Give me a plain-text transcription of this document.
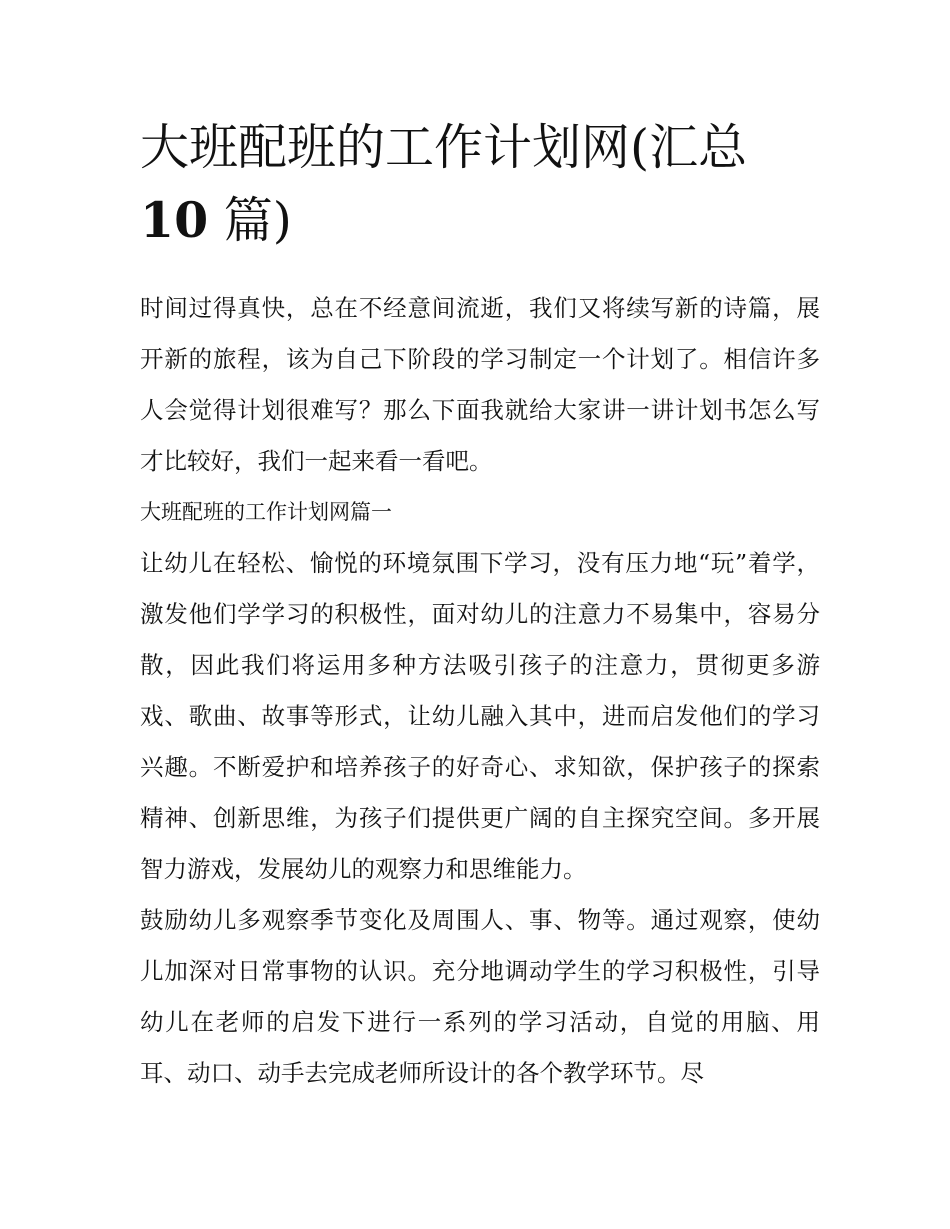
大班配班的工作计划网(汇总
10 篇)

时间过得真快，总在不经意间流逝，我们又将续写新的诗篇，展开新的旅程，该为自己下阶段的学习制定一个计划了。相信许多人会觉得计划很难写？那么下面我就给大家讲一讲计划书怎么写才比较好，我们一起来看一看吧。

大班配班的工作计划网篇一

让幼儿在轻松、愉悦的环境氛围下学习，没有压力地“玩”着学，激发他们学学习的积极性，面对幼儿的注意力不易集中，容易分散，因此我们将运用多种方法吸引孩子的注意力，贯彻更多游戏、歌曲、故事等形式，让幼儿融入其中，进而启发他们的学习兴趣。不断爱护和培养孩子的好奇心、求知欲，保护孩子的探索精神、创新思维，为孩子们提供更广阔的自主探究空间。多开展智力游戏，发展幼儿的观察力和思维能力。

鼓励幼儿多观察季节变化及周围人、事、物等。通过观察，使幼儿加深对日常事物的认识。充分地调动学生的学习积极性，引导幼儿在老师的启发下进行一系列的学习活动，自觉的用脑、用耳、动口、动手去完成老师所设计的各个教学环节。尽
